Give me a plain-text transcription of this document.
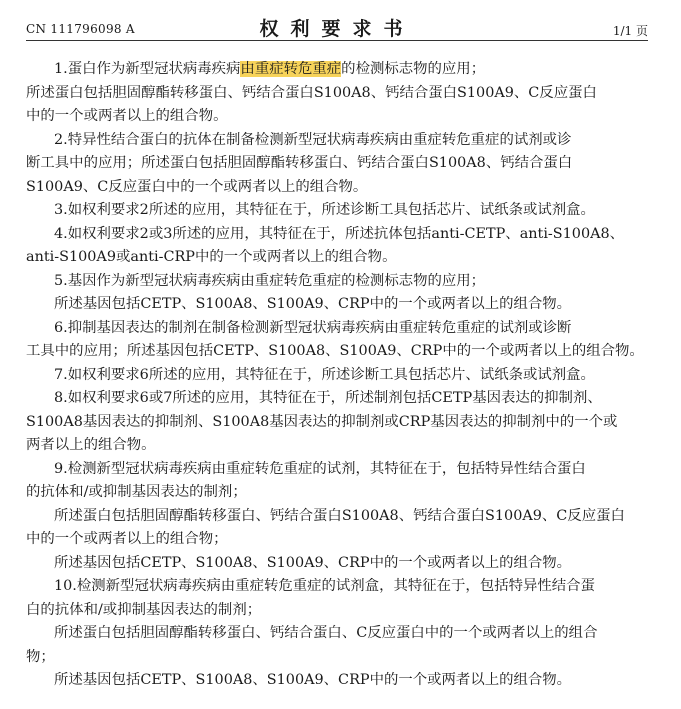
CN 111796098 A	权利要求书	1/1 页
1.蛋白作为新型冠状病毒疾病由重症转危重症的检测标志物的应用；
所述蛋白包括胆固醇酯转移蛋白、钙结合蛋白S100A8、钙结合蛋白S100A9、C反应蛋白
中的一个或两者以上的组合物。
2.特异性结合蛋白的抗体在制备检测新型冠状病毒疾病由重症转危重症的试剂或诊
断工具中的应用；所述蛋白包括胆固醇酯转移蛋白、钙结合蛋白S100A8、钙结合蛋白
S100A9、C反应蛋白中的一个或两者以上的组合物。
3.如权利要求2所述的应用，其特征在于，所述诊断工具包括芯片、试纸条或试剂盒。
4.如权利要求2或3所述的应用，其特征在于，所述抗体包括anti-CETP、anti-S100A8、
anti-S100A9或anti-CRP中的一个或两者以上的组合物。
5.基因作为新型冠状病毒疾病由重症转危重症的检测标志物的应用；
所述基因包括CETP、S100A8、S100A9、CRP中的一个或两者以上的组合物。
6.抑制基因表达的制剂在制备检测新型冠状病毒疾病由重症转危重症的试剂或诊断
工具中的应用；所述基因包括CETP、S100A8、S100A9、CRP中的一个或两者以上的组合物。
7.如权利要求6所述的应用，其特征在于，所述诊断工具包括芯片、试纸条或试剂盒。
8.如权利要求6或7所述的应用，其特征在于，所述制剂包括CETP基因表达的抑制剂、
S100A8基因表达的抑制剂、S100A8基因表达的抑制剂或CRP基因表达的抑制剂中的一个或
两者以上的组合物。
9.检测新型冠状病毒疾病由重症转危重症的试剂，其特征在于，包括特异性结合蛋白
的抗体和/或抑制基因表达的制剂；
所述蛋白包括胆固醇酯转移蛋白、钙结合蛋白S100A8、钙结合蛋白S100A9、C反应蛋白
中的一个或两者以上的组合物；
所述基因包括CETP、S100A8、S100A9、CRP中的一个或两者以上的组合物。
10.检测新型冠状病毒疾病由重症转危重症的试剂盒，其特征在于，包括特异性结合蛋
白的抗体和/或抑制基因表达的制剂；
所述蛋白包括胆固醇酯转移蛋白、钙结合蛋白、C反应蛋白中的一个或两者以上的组合
物；
所述基因包括CETP、S100A8、S100A9、CRP中的一个或两者以上的组合物。
